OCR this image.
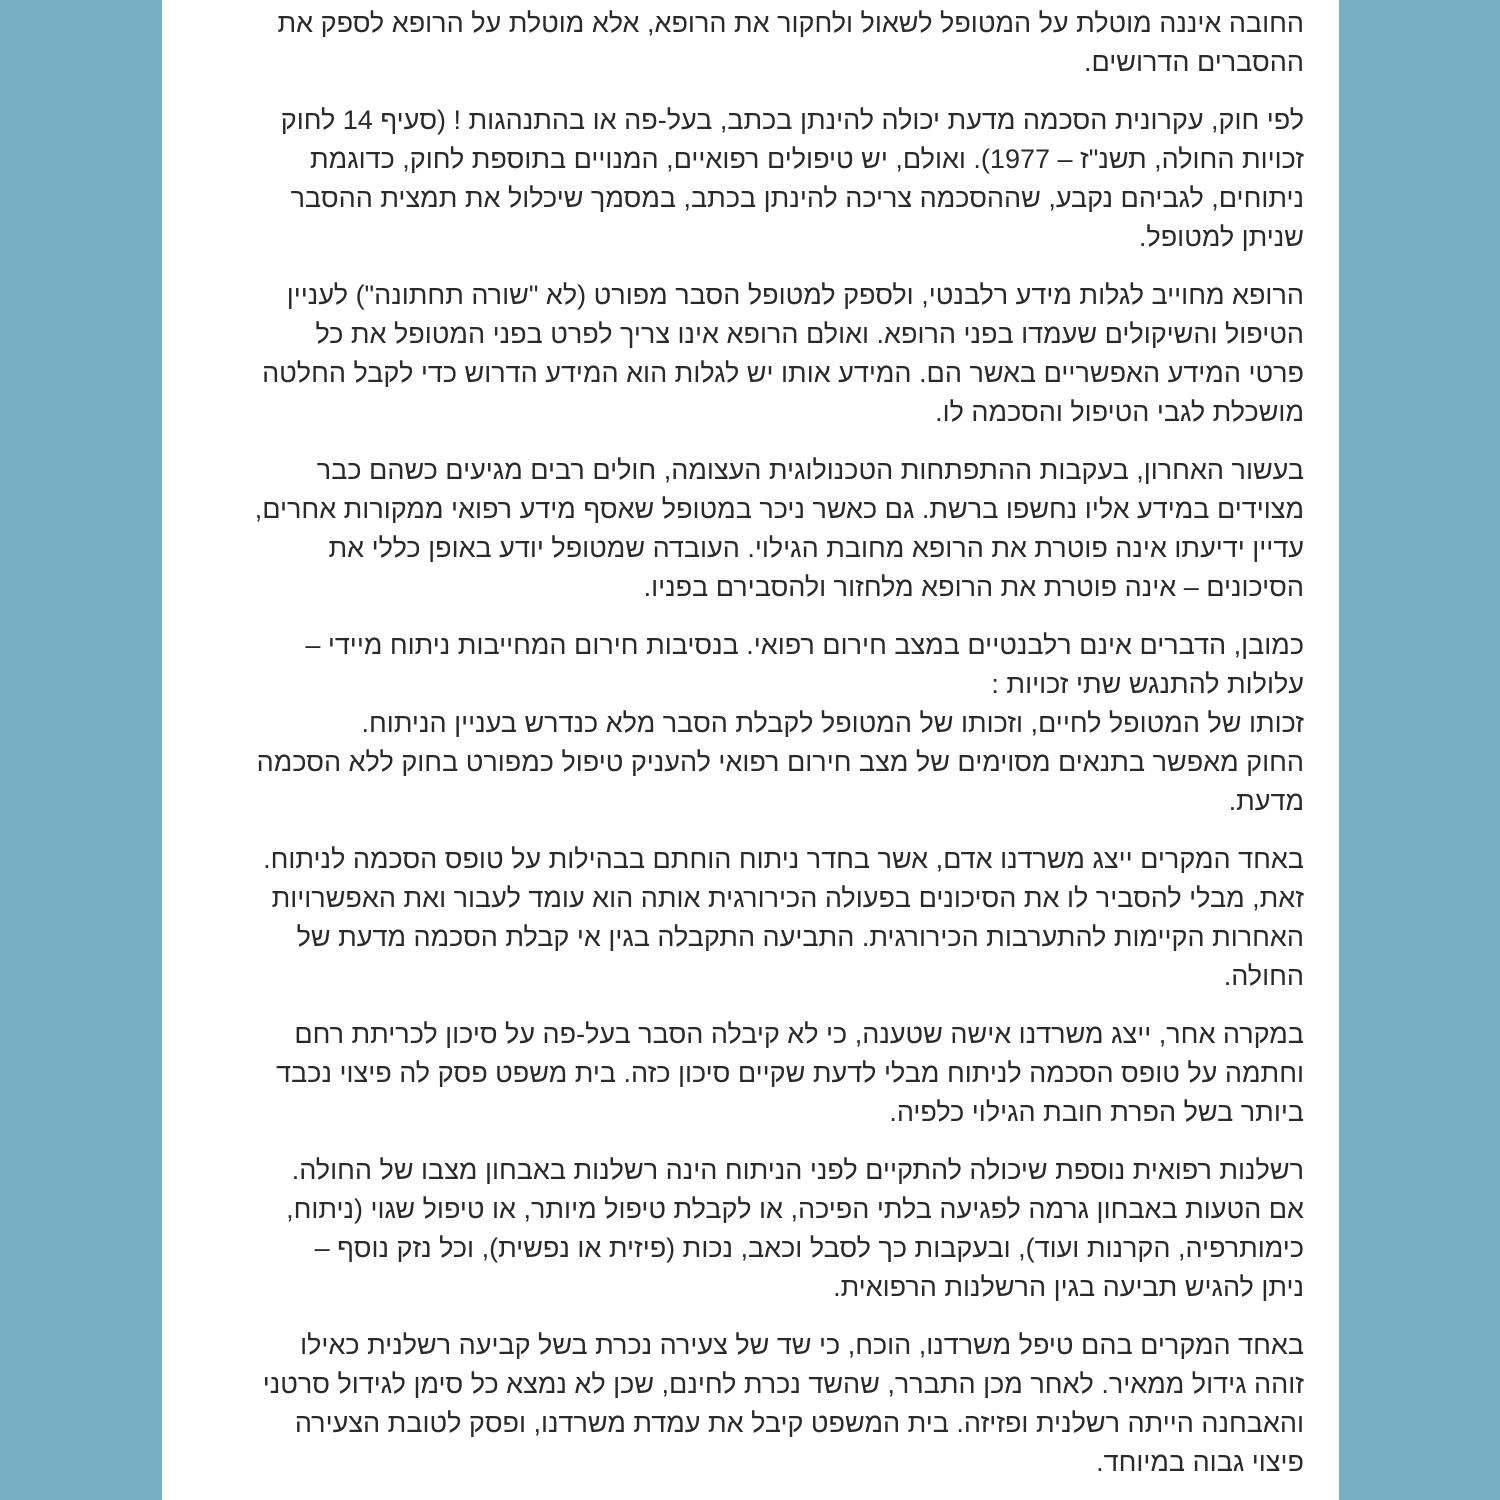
החובה איננה מוטלת על המטופל לשאול ולחקור את הרופא, אלא מוטלת על הרופא לספק את
ההסברים הדרושים.
לפי חוק, עקרונית הסכמה מדעת יכולה להינתן בכתב, בעל-פה או בהתנהגות ! (סעיף 14 לחוק
זכויות החולה, תשנ"ז – 1977). ואולם, יש טיפולים רפואיים, המנויים בתוספת לחוק, כדוגמת
ניתוחים, לגביהם נקבע, שההסכמה צריכה להינתן בכתב, במסמך שיכלול את תמצית ההסבר
שניתן למטופל.
הרופא מחוייב לגלות מידע רלבנטי, ולספק למטופל הסבר מפורט (לא "שורה תחתונה") לעניין
הטיפול והשיקולים שעמדו בפני הרופא. ואולם הרופא אינו צריך לפרט בפני המטופל את כל
פרטי המידע האפשריים באשר הם. המידע אותו יש לגלות הוא המידע הדרוש כדי לקבל החלטה
מושכלת לגבי הטיפול והסכמה לו.
בעשור האחרון, בעקבות ההתפתחות הטכנולוגית העצומה, חולים רבים מגיעים כשהם כבר
מצוידים במידע אליו נחשפו ברשת. גם כאשר ניכר במטופל שאסף מידע רפואי ממקורות אחרים,
עדיין ידיעתו אינה פוטרת את הרופא מחובת הגילוי. העובדה שמטופל יודע באופן כללי את
הסיכונים – אינה פוטרת את הרופא מלחזור ולהסבירם בפניו.
כמובן, הדברים אינם רלבנטיים במצב חירום רפואי. בנסיבות חירום המחייבות ניתוח מיידי –
עלולות להתנגש שתי זכויות :
זכותו של המטופל לחיים, וזכותו של המטופל לקבלת הסבר מלא כנדרש בעניין הניתוח.
החוק מאפשר בתנאים מסוימים של מצב חירום רפואי להעניק טיפול כמפורט בחוק ללא הסכמה
מדעת.
באחד המקרים ייצג משרדנו אדם, אשר בחדר ניתוח הוחתם בבהילות על טופס הסכמה לניתוח.
זאת, מבלי להסביר לו את הסיכונים בפעולה הכירורגית אותה הוא עומד לעבור ואת האפשרויות
האחרות הקיימות להתערבות הכירורגית. התביעה התקבלה בגין אי קבלת הסכמה מדעת של
החולה.
במקרה אחר, ייצג משרדנו אישה שטענה, כי לא קיבלה הסבר בעל-פה על סיכון לכריתת רחם
וחתמה על טופס הסכמה לניתוח מבלי לדעת שקיים סיכון כזה. בית משפט פסק לה פיצוי נכבד
ביותר בשל הפרת חובת הגילוי כלפיה.
רשלנות רפואית נוספת שיכולה להתקיים לפני הניתוח הינה רשלנות באבחון מצבו של החולה.
אם הטעות באבחון גרמה לפגיעה בלתי הפיכה, או לקבלת טיפול מיותר, או טיפול שגוי (ניתוח,
כימותרפיה, הקרנות ועוד), ובעקבות כך לסבל וכאב, נכות (פיזית או נפשית), וכל נזק נוסף –
ניתן להגיש תביעה בגין הרשלנות הרפואית.
באחד המקרים בהם טיפל משרדנו, הוכח, כי שד של צעירה נכרת בשל קביעה רשלנית כאילו
זוהה גידול ממאיר. לאחר מכן התברר, שהשד נכרת לחינם, שכן לא נמצא כל סימן לגידול סרטני
והאבחנה הייתה רשלנית ופזיזה. בית המשפט קיבל את עמדת משרדנו, ופסק לטובת הצעירה
פיצוי גבוה במיוחד.
